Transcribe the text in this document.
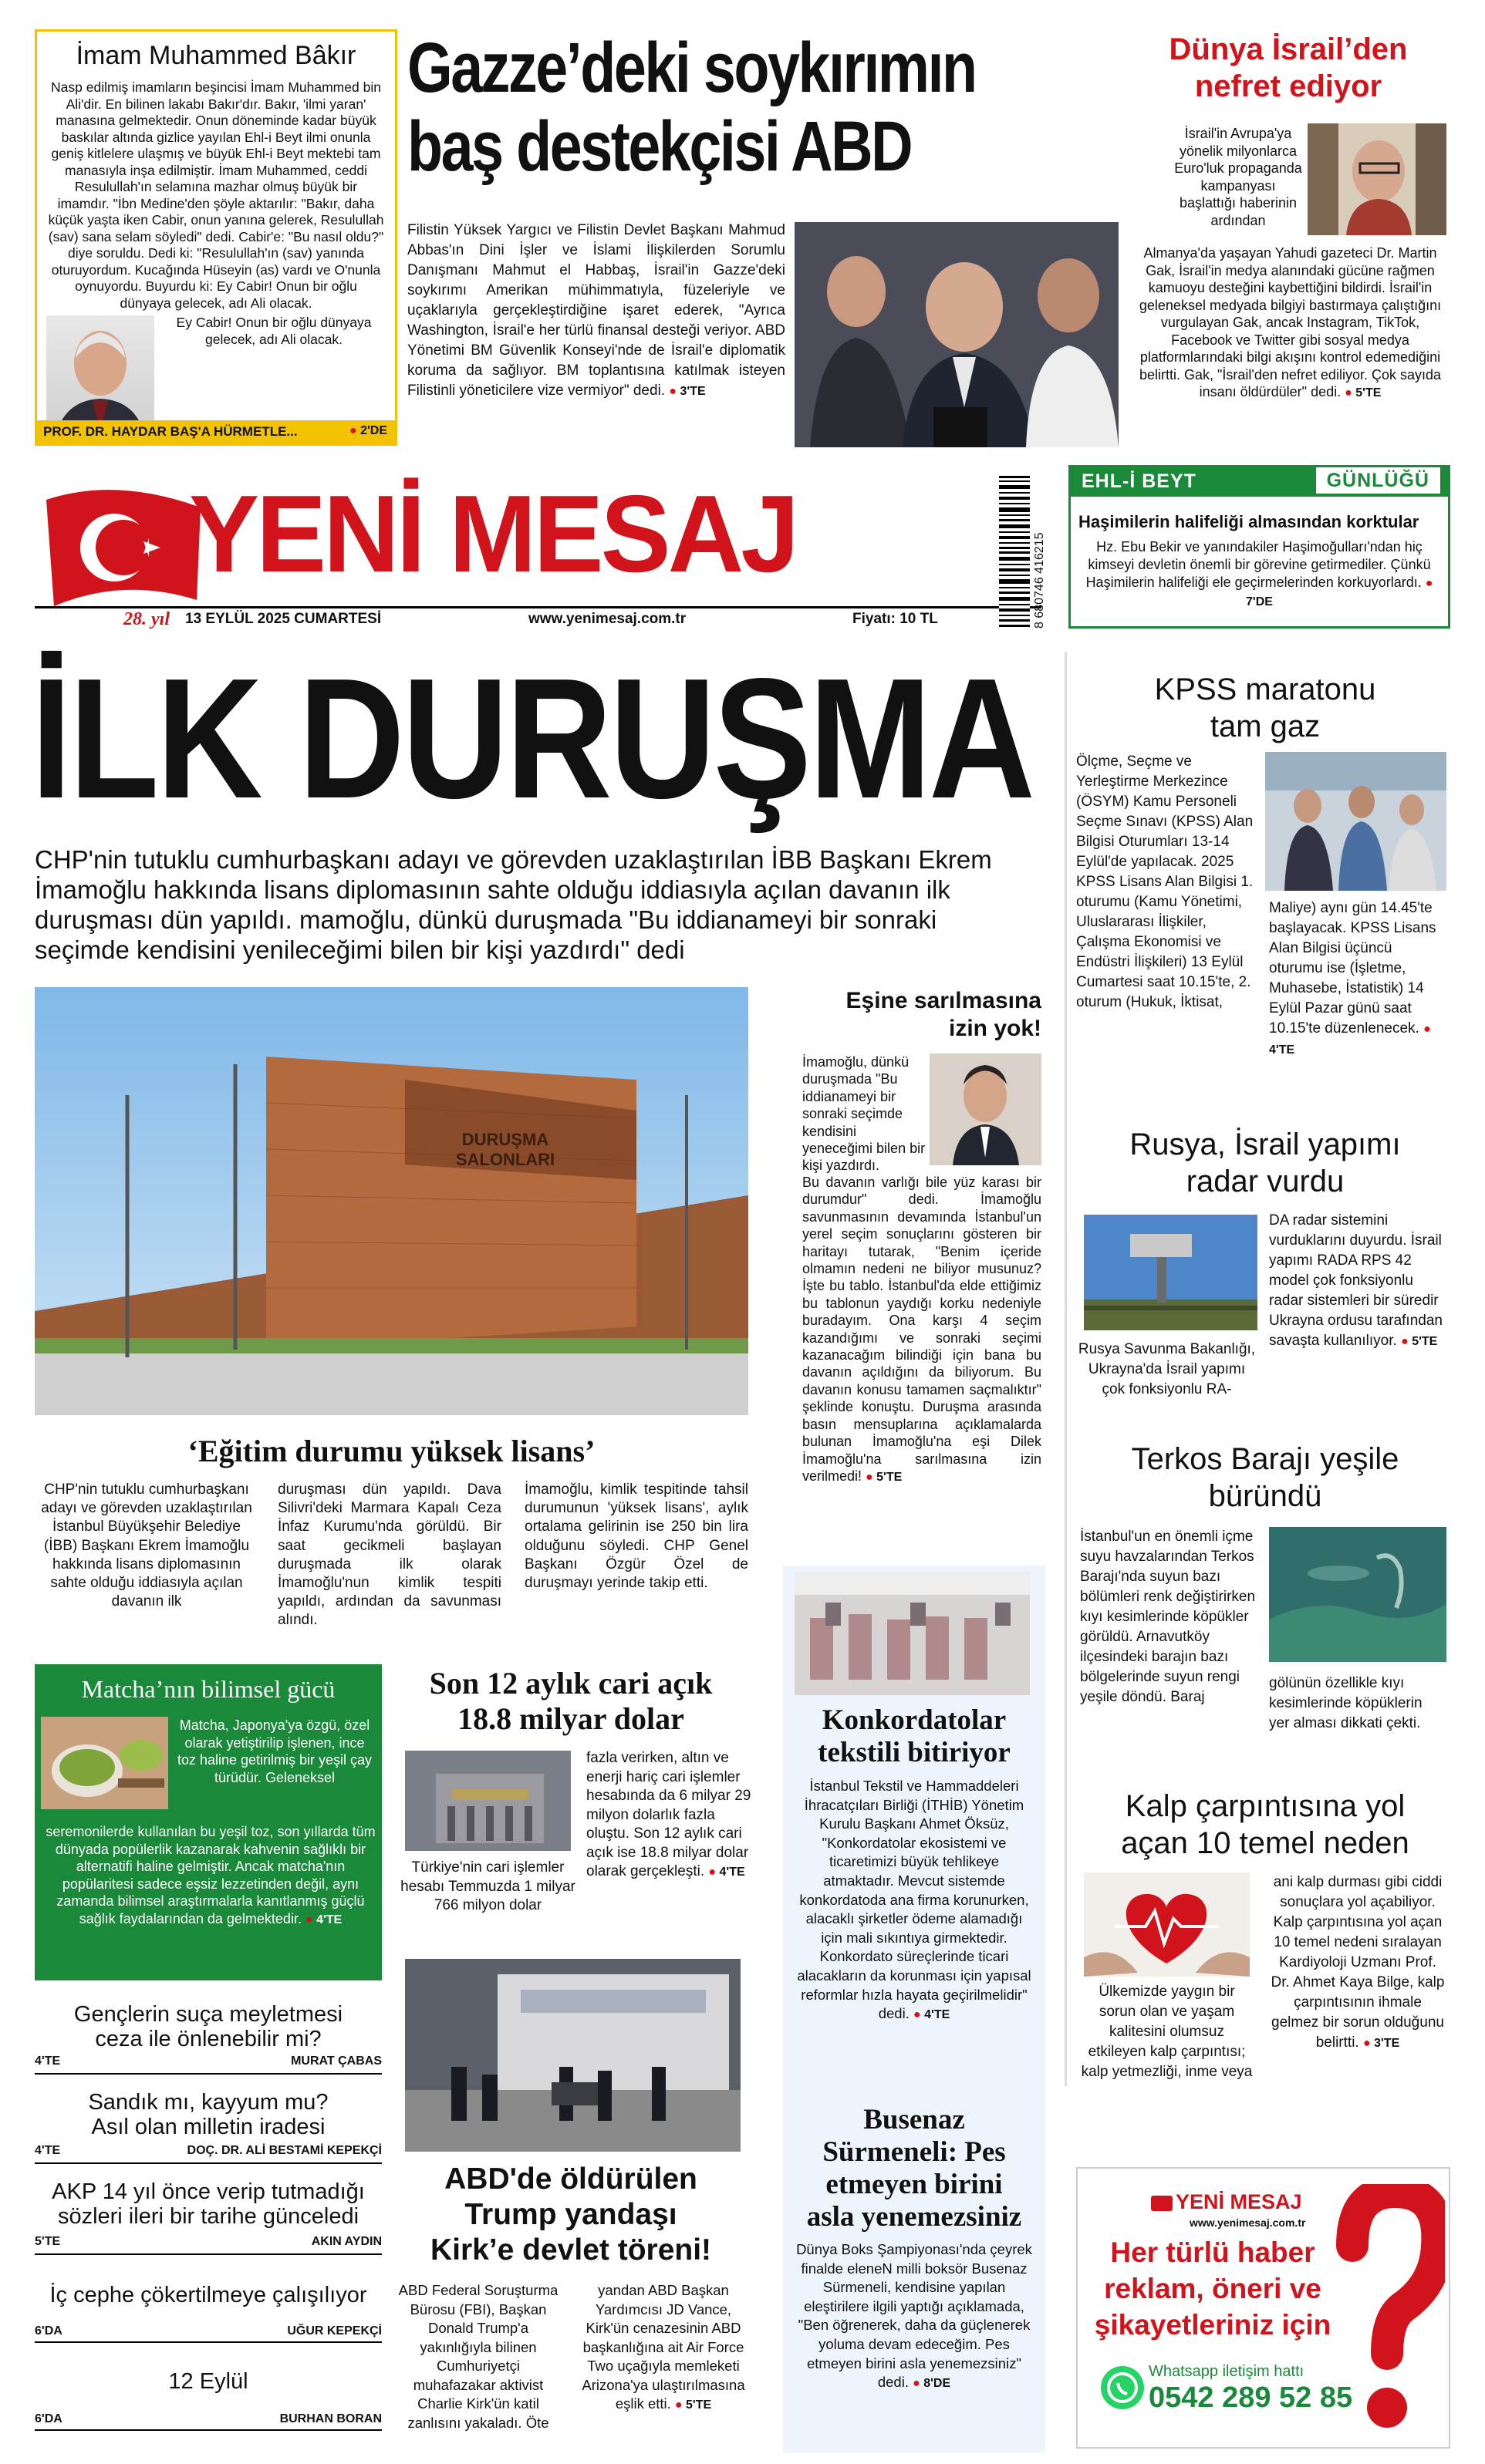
İmam Muhammed Bâkır
Nasp edilmiş imamların beşincisi İmam Muhammed bin Ali'dir. En bilinen lakabı Bakır'dır. Bakır, 'ilmi yaran' manasına gelmektedir. Onun döneminde kadar büyük baskılar altında gizlice yayılan Ehl-i Beyt ilmi onunla geniş kitlelere ulaşmış ve büyük Ehl-i Beyt mektebi tam manasıyla inşa edilmiştir. İmam Muhammed, ceddi Resulullah'ın selamına mazhar olmuş büyük bir imamdır. "İbn Medine'den şöyle aktarılır: "Bakır, daha küçük yaşta iken Cabir, onun yanına gelerek, Resulullah (sav) sana selam söyledi" dedi. Cabir'e: "Bu nasıl oldu?" diye soruldu. Dedi ki: "Resulullah'ın (sav) yanında oturuyordum. Kucağında Hüseyin (as) vardı ve O'nunla oynuyordu. Buyurdu ki: Ey Cabir! Onun bir oğlu dünyaya gelecek, adı Ali olacak.
PROF. DR. HAYDAR BAŞ'A HÜRMETLE...	● 2'DE
Ey Cabir! Onun bir oğlu dünyaya gelecek, adı Ali olacak.
Gazze’deki soykırımın
baş destekçisi ABD
Filistin Yüksek Yargıcı ve Filistin Devlet Başkanı Mahmud Abbas'ın Dini İşler ve İslami İlişkilerden Sorumlu Danışmanı Mahmut el Habbaş, İsrail'in Gazze'deki soykırımı Amerikan mühimmatıyla, füzeleriyle ve uçaklarıyla gerçekleştirdiğine işaret ederek, "Ayrıca Washington, İsrail'e her türlü finansal desteği veriyor. ABD Yönetimi BM Güvenlik Konseyi'nde de İsrail'e diplomatik koruma da sağlıyor. BM toplantısına katılmak isteyen Filistinli yöneticilere vize vermiyor" dedi. ● 3'TE
Dünya İsrail’den
nefret ediyor
İsrail'in Avrupa'ya yönelik milyonlarca Euro'luk propaganda kampanyası başlattığı haberinin ardından
Almanya'da yaşayan Yahudi gazeteci Dr. Martin Gak, İsrail'in medya alanındaki gücüne rağmen kamuoyu desteğini kaybettiğini bildirdi. İsrail'in geleneksel medyada bilgiyi bastırmaya çalıştığını vurgulayan Gak, ancak Instagram, TikTok, Facebook ve Twitter gibi sosyal medya platformlarındaki bilgi akışını kontrol edemediğini belirtti. Gak, "İsrail'den nefret ediliyor. Çok sayıda insanı öldürdüler" dedi. ● 5'TE
YENİ MESAJ
28. yıl 13 EYLÜL 2025 CUMARTESİ	www.yenimesaj.com.tr	Fiyatı: 10 TL	8 680746 416215
EHL-İ BEYT	GÜNLÜĞÜ
Haşimilerin halifeliği almasından korktular
Hz. Ebu Bekir ve yanındakiler Haşimoğulları'ndan hiç kimseyi devletin önemli bir görevine getirmediler. Çünkü Haşimilerin halifeliği ele geçirmelerinden korkuyorlardı. ● 7'DE
İLK DURUŞMA
CHP'nin tutuklu cumhurbaşkanı adayı ve görevden uzaklaştırılan İBB Başkanı Ekrem İmamoğlu hakkında lisans diplomasının sahte olduğu iddiasıyla açılan davanın ilk duruşması dün yapıldı. mamoğlu, dünkü duruşmada "Bu iddianameyi bir sonraki seçimde kendisini yenileceğimi bilen bir kişi yazdırdı" dedi
DURUŞMA SALONLARI
‘Eğitim durumu yüksek lisans’
CHP'nin tutuklu cumhurbaşkanı adayı ve görevden uzaklaştırılan İstanbul Büyükşehir Belediye (İBB) Başkanı Ekrem İmamoğlu hakkında lisans diplomasının sahte olduğu iddiasıyla açılan davanın ilk
duruşması dün yapıldı. Dava Silivri'deki Marmara Kapalı Ceza İnfaz Kurumu'nda görüldü. Bir saat gecikmeli başlayan duruşmada ilk olarak İmamoğlu'nun kimlik tespiti yapıldı, ardından da savunması alındı.
İmamoğlu, kimlik tespitinde tahsil durumunun 'yüksek lisans', aylık ortalama gelirinin ise 250 bin lira olduğunu söyledi. CHP Genel Başkanı Özgür Özel de duruşmayı yerinde takip etti.
Eşine sarılmasına
izin yok!
İmamoğlu, dünkü duruşmada "Bu iddianameyi bir sonraki seçimde kendisini yeneceğimi bilen bir kişi yazdırdı.
Bu davanın varlığı bile yüz karası bir durumdur" dedi. İmamoğlu savunmasının devamında İstanbul'un yerel seçim sonuçlarını gösteren bir haritayı tutarak, "Benim içeride olmamın nedeni ne biliyor musunuz? İşte bu tablo. İstanbul'da elde ettiğimiz bu tablonun yaydığı korku nedeniyle buradayım. Ona karşı 4 seçim kazandığımı ve sonraki seçimi kazanacağım bilindiği için bana bu davanın açıldığını da biliyorum. Bu davanın konusu tamamen saçmalıktır" şeklinde konuştu. Duruşma arasında basın mensuplarına açıklamalarda bulunan İmamoğlu'na eşi Dilek İmamoğlu'na sarılmasına izin verilmedi! ● 5'TE
KPSS maratonu
tam gaz
Ölçme, Seçme ve Yerleştirme Merkezince (ÖSYM) Kamu Personeli Seçme Sınavı (KPSS) Alan Bilgisi Oturumları 13-14 Eylül'de yapılacak. 2025 KPSS Lisans Alan Bilgisi 1. oturumu (Kamu Yönetimi, Uluslararası İlişkiler, Çalışma Ekonomisi ve Endüstri İlişkileri) 13 Eylül Cumartesi saat 10.15'te, 2. oturum (Hukuk, İktisat,
Maliye) aynı gün 14.45'te başlayacak. KPSS Lisans Alan Bilgisi üçüncü oturumu ise (İşletme, Muhasebe, İstatistik) 14 Eylül Pazar günü saat 10.15'te düzenlenecek. ● 4'TE
Rusya, İsrail yapımı
radar vurdu
Rusya Savunma Bakanlığı, Ukrayna'da İsrail yapımı çok fonksiyonlu RA-
DA radar sistemini vurduklarını duyurdu. İsrail yapımı RADA RPS 42 model çok fonksiyonlu radar sistemleri bir süredir Ukrayna ordusu tarafından savaşta kullanılıyor. ● 5'TE
Terkos Barajı yeşile
büründü
İstanbul'un en önemli içme suyu havzalarından Terkos Barajı'nda suyun bazı bölümleri renk değiştirirken kıyı kesimlerinde köpükler görüldü. Arnavutköy ilçesindeki barajın bazı bölgelerinde suyun rengi yeşile döndü. Baraj
gölünün özellikle kıyı kesimlerinde köpüklerin yer alması dikkati çekti.
Kalp çarpıntısına yol
açan 10 temel neden
Ülkemizde yaygın bir sorun olan ve yaşam kalitesini olumsuz etkileyen kalp çarpıntısı; kalp yetmezliği, inme veya
ani kalp durması gibi ciddi sonuçlara yol açabiliyor. Kalp çarpıntısına yol açan 10 temel nedeni sıralayan Kardiyoloji Uzmanı Prof. Dr. Ahmet Kaya Bilge, kalp çarpıntısının ihmale gelmez bir sorun olduğunu belirtti. ● 3'TE
YENİ MESAJ
www.yenimesaj.com.tr
Her türlü haber
reklam, öneri ve
şikayetleriniz için
Whatsapp iletişim hattı
0542 289 52 85
Matcha’nın bilimsel gücü
Matcha, Japonya'ya özgü, özel olarak yetiştirilip işlenen, ince toz haline getirilmiş bir yeşil çay türüdür. Geleneksel
seremonilerde kullanılan bu yeşil toz, son yıllarda tüm dünyada popülerlik kazanarak kahvenin sağlıklı bir alternatifi haline gelmiştir. Ancak matcha'nın popülaritesi sadece eşsiz lezzetinden değil, aynı zamanda bilimsel araştırmalarla kanıtlanmış güçlü sağlık faydalarından da gelmektedir. ● 4'TE
Son 12 aylık cari açık
18.8 milyar dolar
Türkiye'nin cari işlemler hesabı Temmuzda 1 milyar 766 milyon dolar
fazla verirken, altın ve enerji hariç cari işlemler hesabında da 6 milyar 29 milyon dolarlık fazla oluştu. Son 12 aylık cari açık ise 18.8 milyar dolar olarak gerçekleşti. ● 4'TE
ABD'de öldürülen
Trump yandaşı
Kirk’e devlet töreni!
ABD Federal Soruşturma Bürosu (FBI), Başkan Donald Trump'a yakınlığıyla bilinen Cumhuriyetçi muhafazakar aktivist Charlie Kirk'ün katil zanlısını yakaladı. Öte
yandan ABD Başkan Yardımcısı JD Vance, Kirk'ün cenazesinin ABD başkanlığına ait Air Force Two uçağıyla memleketi Arizona'ya ulaştırılmasına eşlik etti. ● 5'TE
Konkordatolar
tekstili bitiriyor
İstanbul Tekstil ve Hammaddeleri İhracatçıları Birliği (İTHİB) Yönetim Kurulu Başkanı Ahmet Öksüz, "Konkordatolar ekosistemi ve ticaretimizi büyük tehlikeye atmaktadır. Mevcut sistemde konkordatoda ana firma korunurken, alacaklı şirketler ödeme alamadığı için mali sıkıntıya girmektedir. Konkordato süreçlerinde ticari alacakların da korunması için yapısal reformlar hızla hayata geçirilmelidir" dedi. ● 4'TE
Busenaz
Sürmeneli: Pes
etmeyen birini
asla yenemezsiniz
Dünya Boks Şampiyonası'nda çeyrek finalde eleneN milli boksör Busenaz Sürmeneli, kendisine yapılan eleştirilere ilgili yaptığı açıklamada, "Ben öğrenerek, daha da güçlenerek yoluma devam edeceğim. Pes etmeyen birini asla yenemezsiniz" dedi. ● 8'DE
Gençlerin suça meyletmesi
ceza ile önlenebilir mi?
4'TE	MURAT ÇABAS
Sandık mı, kayyum mu?
Asıl olan milletin iradesi
4'TE	DOÇ. DR. ALİ BESTAMİ KEPEKÇİ
AKP 14 yıl önce verip tutmadığı
sözleri ileri bir tarihe günceledi
5'TE	AKIN AYDIN
İç cephe çökertilmeye çalışılıyor
6'DA	UĞUR KEPEKÇİ
12 Eylül
6'DA	BURHAN BORAN
